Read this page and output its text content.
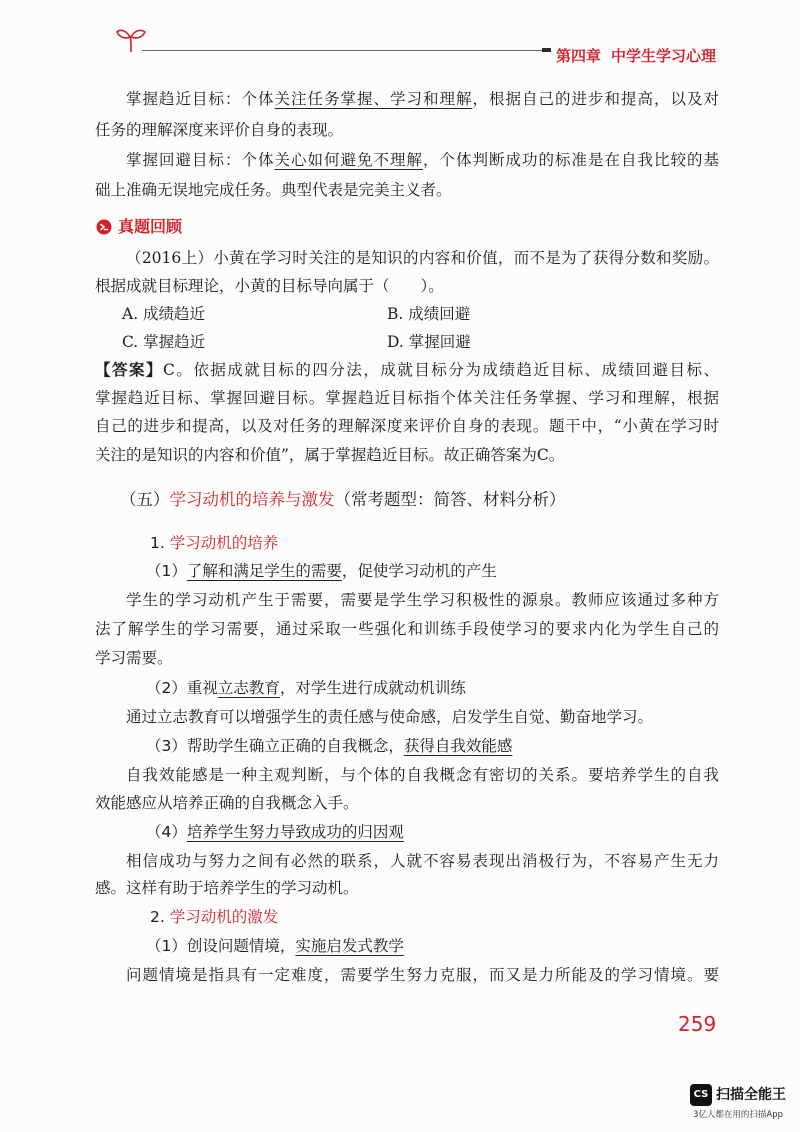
第四章 中学生学习心理
掌握趋近目标：个体关注任务掌握、学习和理解，根据自己的进步和提高，以及对
任务的理解深度来评价自身的表现。
掌握回避目标：个体关心如何避免不理解，个体判断成功的标准是在自我比较的基
础上准确无误地完成任务。典型代表是完美主义者。
真题回顾
（2016上）小黄在学习时关注的是知识的内容和价值，而不是为了获得分数和奖励。
根据成就目标理论，小黄的目标导向属于（　　）。
A. 成绩趋近	B. 成绩回避
C. 掌握趋近	D. 掌握回避
【答案】C。依据成就目标的四分法，成就目标分为成绩趋近目标、成绩回避目标、
掌握趋近目标、掌握回避目标。掌握趋近目标指个体关注任务掌握、学习和理解，根据
自己的进步和提高，以及对任务的理解深度来评价自身的表现。题干中，“小黄在学习时
关注的是知识的内容和价值”，属于掌握趋近目标。故正确答案为C。
（五）学习动机的培养与激发（常考题型：简答、材料分析）
1. 学习动机的培养
（1）了解和满足学生的需要，促使学习动机的产生
学生的学习动机产生于需要，需要是学生学习积极性的源泉。教师应该通过多种方
法了解学生的学习需要，通过采取一些强化和训练手段使学习的要求内化为学生自己的
学习需要。
（2）重视立志教育，对学生进行成就动机训练
通过立志教育可以增强学生的责任感与使命感，启发学生自觉、勤奋地学习。
（3）帮助学生确立正确的自我概念，获得自我效能感
自我效能感是一种主观判断，与个体的自我概念有密切的关系。要培养学生的自我
效能感应从培养正确的自我概念入手。
（4）培养学生努力导致成功的归因观
相信成功与努力之间有必然的联系，人就不容易表现出消极行为，不容易产生无力
感。这样有助于培养学生的学习动机。
2. 学习动机的激发
（1）创设问题情境，实施启发式教学
问题情境是指具有一定难度，需要学生努力克服，而又是力所能及的学习情境。要
259
CS 扫描全能王
3亿人都在用的扫描App
